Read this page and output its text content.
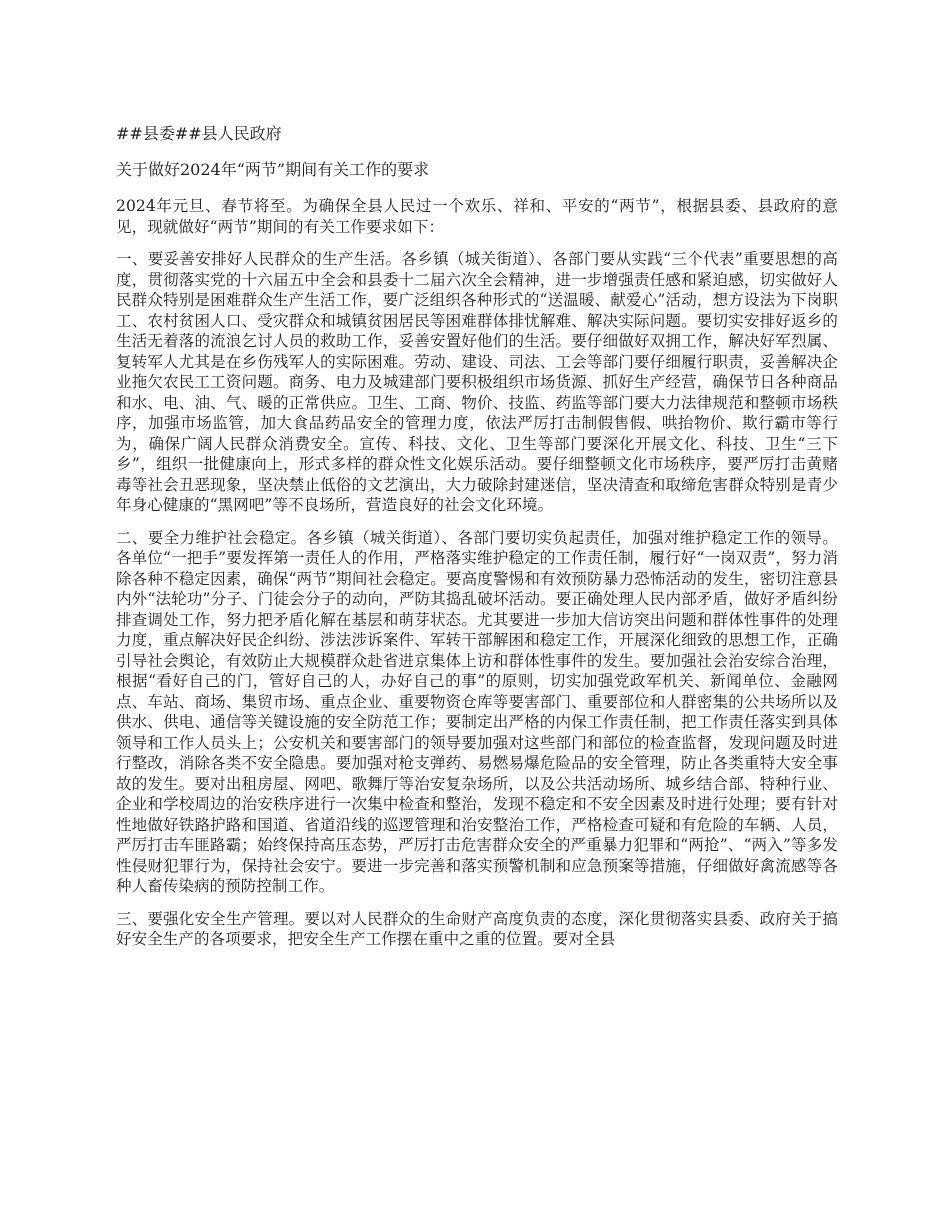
##县委##县人民政府
关于做好2024年“两节”期间有关工作的要求

2024年元旦、春节将至。为确保全县人民过一个欢乐、祥和、平安的“两节”，根据县委、县政府的意见，现就做好“两节”期间的有关工作要求如下：

一、要妥善安排好人民群众的生产生活。各乡镇（城关街道）、各部门要从实践“三个代表”重要思想的高度，贯彻落实党的十六届五中全会和县委十二届六次全会精神，进一步增强责任感和紧迫感，切实做好人民群众特别是困难群众生产生活工作，要广泛组织各种形式的“送温暖、献爱心”活动，想方设法为下岗职工、农村贫困人口、受灾群众和城镇贫困居民等困难群体排忧解难、解决实际问题。要切实安排好返乡的生活无着落的流浪乞讨人员的救助工作，妥善安置好他们的生活。要仔细做好双拥工作，解决好军烈属、复转军人尤其是在乡伤残军人的实际困难。劳动、建设、司法、工会等部门要仔细履行职责，妥善解决企业拖欠农民工工资问题。商务、电力及城建部门要积极组织市场货源、抓好生产经营，确保节日各种商品和水、电、油、气、暖的正常供应。卫生、工商、物价、技监、药监等部门要大力法律规范和整顿市场秩序，加强市场监管，加大食品药品安全的管理力度，依法严厉打击制假售假、哄抬物价、欺行霸市等行为，确保广阔人民群众消费安全。宣传、科技、文化、卫生等部门要深化开展文化、科技、卫生“三下乡”，组织一批健康向上，形式多样的群众性文化娱乐活动。要仔细整顿文化市场秩序，要严厉打击黄赌毒等社会丑恶现象，坚决禁止低俗的文艺演出，大力破除封建迷信，坚决清查和取缔危害群众特别是青少年身心健康的“黑网吧”等不良场所，营造良好的社会文化环境。

二、要全力维护社会稳定。各乡镇（城关街道）、各部门要切实负起责任，加强对维护稳定工作的领导。各单位“一把手”要发挥第一责任人的作用，严格落实维护稳定的工作责任制，履行好“一岗双责”，努力消除各种不稳定因素，确保“两节”期间社会稳定。要高度警惕和有效预防暴力恐怖活动的发生，密切注意县内外“法轮功”分子、门徒会分子的动向，严防其捣乱破坏活动。要正确处理人民内部矛盾，做好矛盾纠纷排查调处工作，努力把矛盾化解在基层和萌芽状态。尤其要进一步加大信访突出问题和群体性事件的处理力度，重点解决好民企纠纷、涉法涉诉案件、军转干部解困和稳定工作，开展深化细致的思想工作，正确引导社会舆论，有效防止大规模群众赴省进京集体上访和群体性事件的发生。要加强社会治安综合治理，根据“看好自己的门，管好自己的人，办好自己的事”的原则，切实加强党政军机关、新闻单位、金融网点、车站、商场、集贸市场、重点企业、重要物资仓库等要害部门、重要部位和人群密集的公共场所以及供水、供电、通信等关键设施的安全防范工作；要制定出严格的内保工作责任制，把工作责任落实到具体领导和工作人员头上；公安机关和要害部门的领导要加强对这些部门和部位的检查监督，发现问题及时进行整改，消除各类不安全隐患。要加强对枪支弹药、易燃易爆危险品的安全管理，防止各类重特大安全事故的发生。要对出租房屋、网吧、歌舞厅等治安复杂场所，以及公共活动场所、城乡结合部、特种行业、企业和学校周边的治安秩序进行一次集中检查和整治，发现不稳定和不安全因素及时进行处理；要有针对性地做好铁路护路和国道、省道沿线的巡逻管理和治安整治工作，严格检查可疑和有危险的车辆、人员，严厉打击车匪路霸；始终保持高压态势，严厉打击危害群众安全的严重暴力犯罪和“两抢”、“两入”等多发性侵财犯罪行为，保持社会安宁。要进一步完善和落实预警机制和应急预案等措施，仔细做好禽流感等各种人畜传染病的预防控制工作。

三、要强化安全生产管理。要以对人民群众的生命财产高度负责的态度，深化贯彻落实县委、政府关于搞好安全生产的各项要求，把安全生产工作摆在重中之重的位置。要对全县
